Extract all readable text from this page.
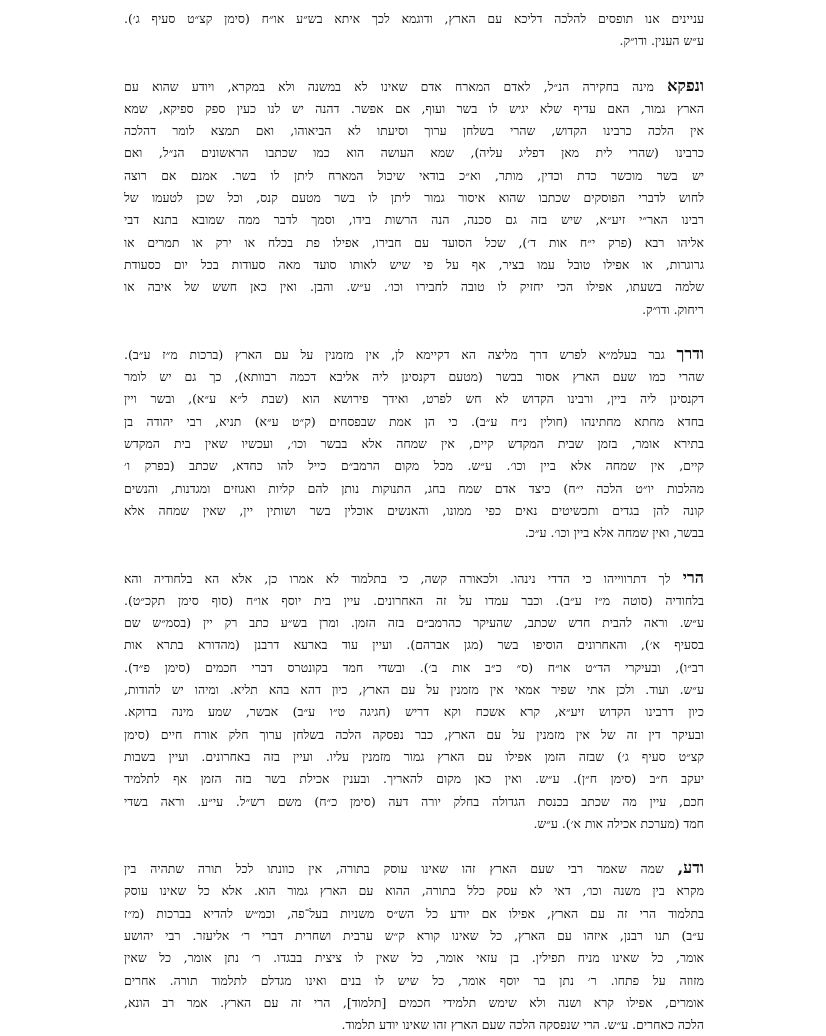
עניינים אנו תופסים להלכה דליכא עם הארץ, ודוגמא לכך איתא בש״ע או״ח (סימן קצ״ט סעיף ג׳).
ע״ש הענין. ודו״ק.
ונפקא מינה בחקירה הנ״ל, לאדם המארח אדם שאינו לא במשנה ולא במקרא, ויודע שהוא עם
הארץ גמור, האם עדיף שלא יגיש לו בשר ועוף, אם אפשר. דהנה יש לנו כעין ספק ספיקא, שמא
אין הלכה כרבינו הקדוש, שהרי בשלחן ערוך וסיעתו לא הביאוהו, ואם תמצא לומר דהלכה
כרבינו (שהרי לית מאן דפליג עליה), שמא העושה הוא כמו שכתבו הראשונים הנ״ל, ואם
יש בשר מוכשר כדת וכדין, מותר, וא״כ בודאי שיכול המארח ליתן לו בשר. אמנם אם רוצה
לחוש לדברי הפוסקים שכתבו שהוא איסור גמור ליתן לו בשר מטעם קנס, וכל שכן לטעמו של
רבינו האר״י זיע״א, שיש בזה גם סכנה, הנה הרשות בידו, וסמך לדבר ממה שמובא בתנא דבי
אליהו רבא (פרק י״ח אות ד׳), שכל הסועד עם חבירו, אפילו פת בכלח או ירק או תמרים או
גרוגרות, או אפילו טובל עמו בציר, אף על פי שיש לאותו סועד מאה סעודות בכל יום כסעודת
שלמה בשעתו, אפילו הכי יחזיק לו טובה לחבירו וכו׳. ע״ש. והבן. ואין כאן חשש של איבה או
ריחוק. ודו״ק.
ודרך גבר בעלמ״א לפרש דרך מליצה הא דקיימא לן, אין מזמנין על עם הארץ (ברכות מ״ז ע״ב).
שהרי כמו שעם הארץ אסור בבשר (מטעם דקנסינן ליה אליבא דכמה רבוותא), כך גם יש לומר
דקנסינן ליה ביין, ורבינו הקדוש לא חש לפרט, ואידך פירושא הוא (שבת ל״א ע״א), ובשר ויין
בחדא מחתא מחתינהו (חולין נ״ח ע״ב). כי הן אמת שבפסחים (ק״ט ע״א) תניא, רבי יהודה בן
בתירא אומר, בזמן שבית המקדש קיים, אין שמחה אלא בבשר וכו׳, ועכשיו שאין בית המקדש
קיים, אין שמחה אלא ביין וכו׳. ע״ש. מכל מקום הרמב״ם כייל להו כחדא, שכתב (בפרק ו׳
מהלכות יו״ט הלכה י״ח) כיצד אדם שמח בחג, התנוקות נותן להם קליות ואגוזים ומגדנות, והנשים
קונה להן בגדים ותכשיטים נאים כפי ממונו, והאנשים אוכלין בשר ושותין יין, שאין שמחה אלא
בבשר, ואין שמחה אלא ביין וכו׳. ע״כ.
הרי לך דתרווייהו כי הדדי נינהו. ולכאורה קשה, כי בתלמוד לא אמרו כן, אלא הא בלחודיה והא
בלחודיה (סוטה מ״ז ע״ב). וכבר עמדו על זה האחרונים. עיין בית יוסף או״ח (סוף סימן תקכ״ט).
ע״ש. וראה להבית חדש שכתב, שהעיקר כהרמב״ם בזה הזמן. ומרן בש״ע כתב רק יין (בסמ״ש שם
בסעיף א׳), והאחרונים הוסיפו בשר (מגן אברהם). ועיין עוד בארעא דרבנן (מהדורא בתרא אות
רב״ו), ובעיקרי הד״ט או״ח (ס״ כ״ב אות ב׳). ובשדי חמד בקונטרס דברי חכמים (סימן פ״ד).
ע״ש. ועוד. ולכן אתי שפיר אמאי אין מזמנין על עם הארץ, כיון דהא בהא תליא. ומיהו יש להודות,
כיון דרבינו הקדוש זיע״א, קרא אשכח וקא דריש (חגיגה ט״ו ע״ב) אבשר, שמע מינה בדוקא.
ובעיקר דין זה של אין מזמנין על עם הארץ, כבר נפסקה הלכה בשלחן ערוך חלק אורח חיים (סימן
קצ״ט סעיף ג׳) שבזה הזמן אפילו עם הארץ גמור מזמנין עליו. ועיין בזה באחרונים. ועיין בשבות
יעקב ח״ב (סימן ח״ן). ע״ש. ואין כאן מקום להאריך. ובענין אכילת בשר בזה הזמן אף לתלמיד
חכם, עיין מה שכתב בכנסת הגדולה בחלק יורה דעה (סימן כ״ח) משם רש״ל. עי״ע. וראה בשדי
חמד (מערכת אכילה אות א׳). ע״ש.
ודע, שמה שאמר רבי שעם הארץ זהו שאינו עוסק בתורה, אין כוונתו לכל תורה שתהיה בין
מקרא בין משנה וכו׳, דאי לא עסק כלל בתורה, ההוא עם הארץ גמור הוא. אלא כל שאינו עוסק
בתלמוד הרי זה עם הארץ, אפילו אם יודע כל הש״ס משניות בעל־פה, וכמ״ש להדיא בברכות (מ״ז
ע״ב) תנו רבנן, איזהו עם הארץ, כל שאינו קורא ק״ש ערבית ושחרית דברי ר׳ אליעזר. רבי יהושע
אומר, כל שאינו מניח תפילין. בן עזאי אומר, כל שאין לו ציצית בבגדו. ר׳ נתן אומר, כל שאין
מזוזה על פתחו. ר׳ נתן בר יוסף אומר, כל שיש לו בנים ואינו מגדלם לתלמוד תורה. אחרים
אומרים, אפילו קרא ושנה ולא שימש תלמידי חכמים [תלמוד], הרי זה עם הארץ. אמר רב הונא,
הלכה כאחרים. ע״ש. הרי שנפסקה הלכה שעם הארץ זהו שאינו יודע תלמוד.
